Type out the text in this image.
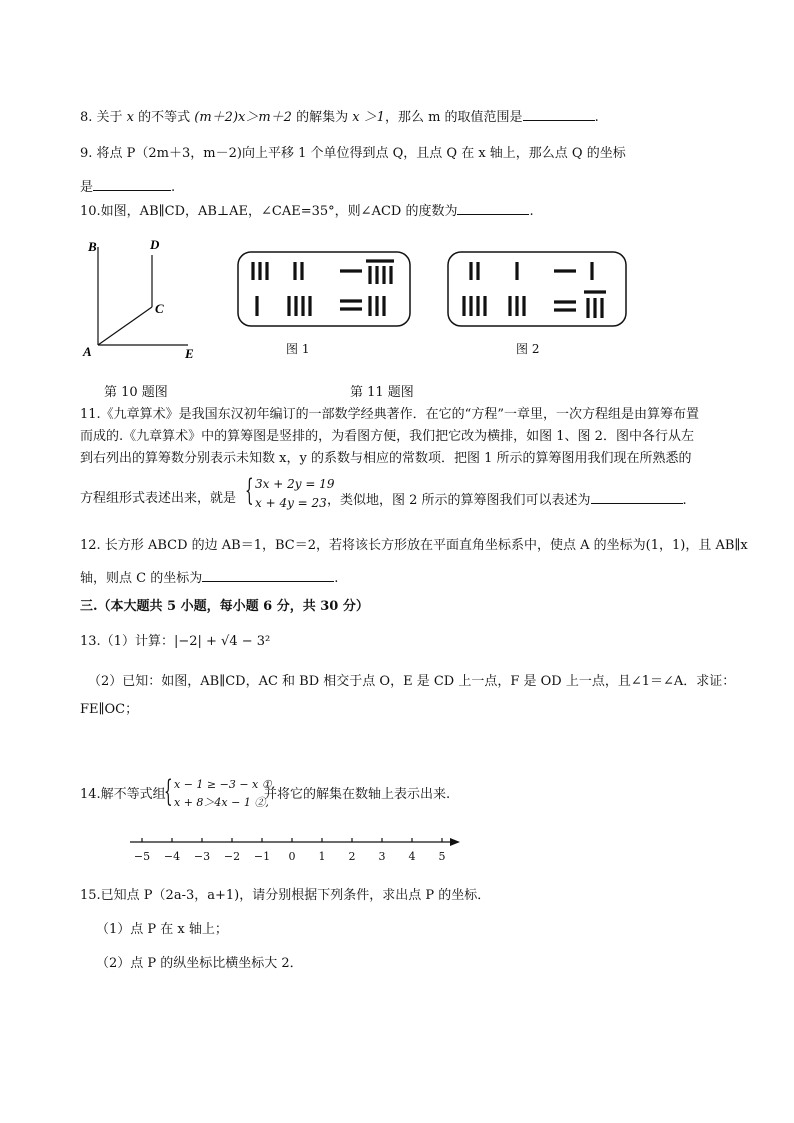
8. 关于 x 的不等式 (m＋2)x＞m＋2 的解集为 x ＞1，那么 m 的取值范围是	.
9. 将点 P（2m＋3，m－2)向上平移 1 个单位得到点 Q，且点 Q 在 x 轴上，那么点 Q 的坐标
是	.
10.如图，AB∥CD，AB⊥AE，∠CAE=35°，则∠ACD 的度数为	.
B	D
C
A	E
第 10 题图
图 1	图 2
第 11 题图
11.《九章算术》是我国东汉初年编订的一部数学经典著作．在它的“方程”一章里，一次方程组是由算筹布置
而成的.《九章算术》中的算筹图是竖排的，为看图方便，我们把它改为横排，如图 1、图 2．图中各行从左
到右列出的算筹数分别表示未知数 x，y 的系数与相应的常数项．把图 1 所示的算筹图用我们现在所熟悉的
方程组形式表述出来，就是 { 3x + 2y = 19
x + 4y = 23 ，类似地，图 2 所示的算筹图我们可以表述为	.
12. 长方形 ABCD 的边 AB＝1，BC＝2，若将该长方形放在平面直角坐标系中，使点 A 的坐标为(1，1)，且 AB∥x
轴，则点 C 的坐标为	.
三.（本大题共 5 小题，每小题 6 分，共 30 分）
13.（1）计算：|−2| + √4 − 3²
（2）已知：如图，AB∥CD，AC 和 BD 相交于点 O，E 是 CD 上一点，F 是 OD 上一点，且∠1＝∠A．求证：
FE∥OC；
14.解不等式组
{ x − 1 ≥ −3 − x ①,
x + 8＞4x − 1 ②,
并将它的解集在数轴上表示出来.
−5 −4 −3 −2 −1	0	1	2	3	4	5
15.已知点 P（2a-3，a+1)，请分别根据下列条件，求出点 P 的坐标．
（1）点 P 在 x 轴上；
（2）点 P 的纵坐标比横坐标大 2．
